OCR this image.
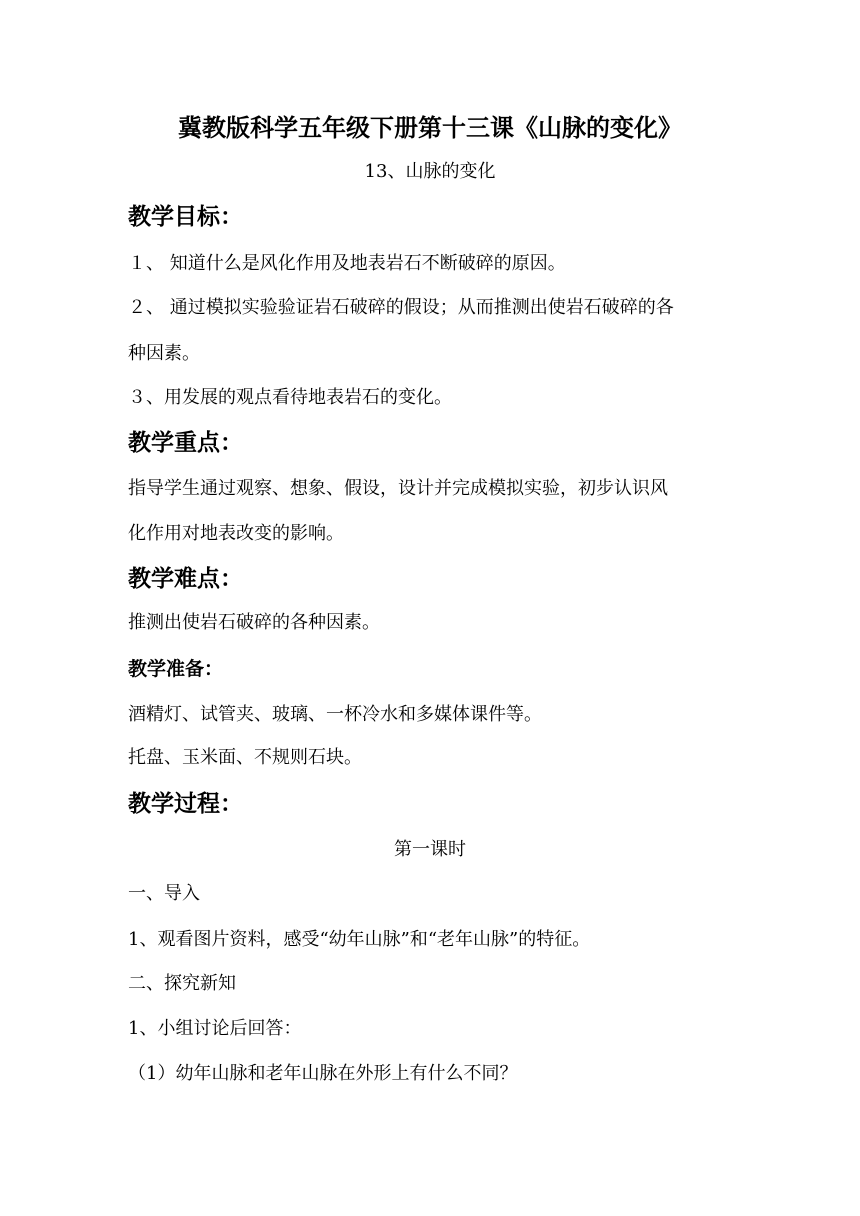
冀教版科学五年级下册第十三课《山脉的变化》
13、山脉的变化
教学目标：
１、 知道什么是风化作用及地表岩石不断破碎的原因。
２、 通过模拟实验验证岩石破碎的假设；从而推测出使岩石破碎的各
种因素。
３、用发展的观点看待地表岩石的变化。
教学重点：
指导学生通过观察、想象、假设，设计并完成模拟实验，初步认识风
化作用对地表改变的影响。
教学难点：
推测出使岩石破碎的各种因素。
教学准备：
酒精灯、试管夹、玻璃、一杯冷水和多媒体课件等。
托盘、玉米面、不规则石块。
教学过程：
第一课时
一、导入
1、观看图片资料，感受“幼年山脉”和“老年山脉”的特征。
二、探究新知
1、小组讨论后回答：
（1）幼年山脉和老年山脉在外形上有什么不同？
